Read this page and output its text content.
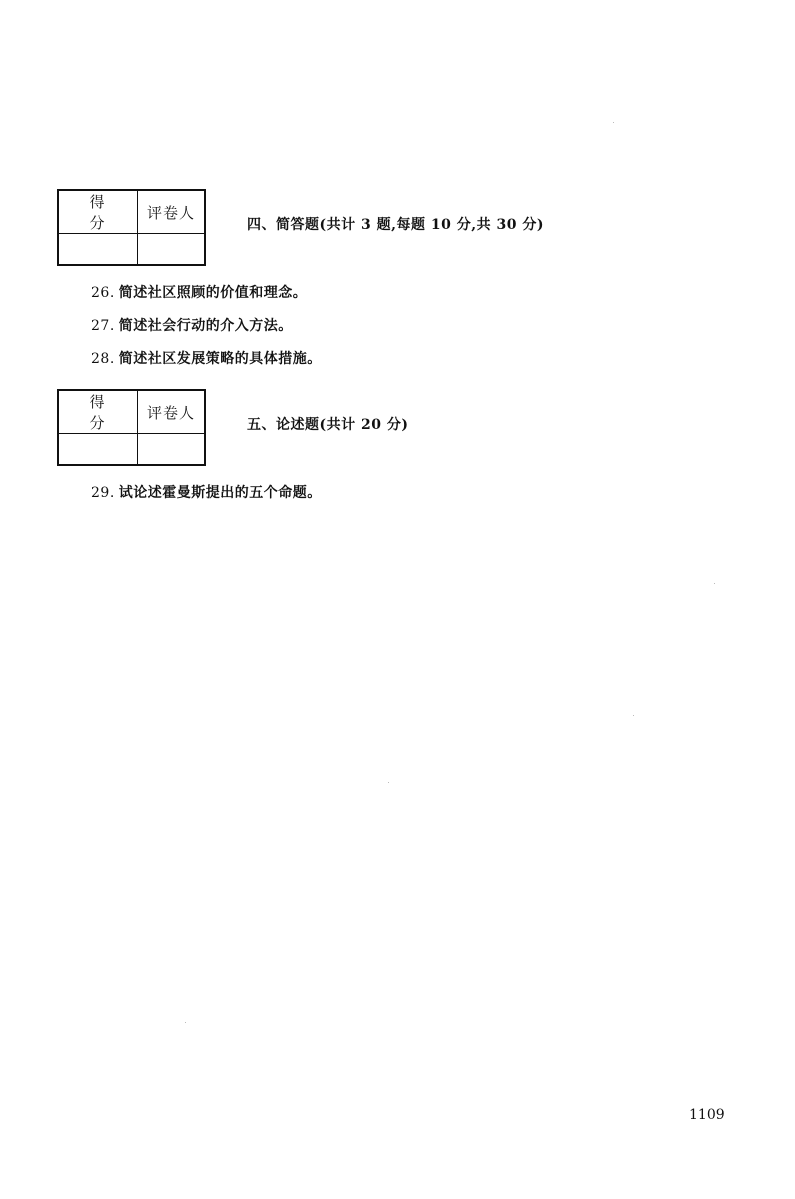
得 分	评卷人

四、简答题(共计 3 题,每题 10 分,共 30 分)
26. 简述社区照顾的价值和理念。
27. 简述社会行动的介入方法。
28. 简述社区发展策略的具体措施。
得 分	评卷人

五、论述题(共计 20 分)
29. 试论述霍曼斯提出的五个命题。
1109
